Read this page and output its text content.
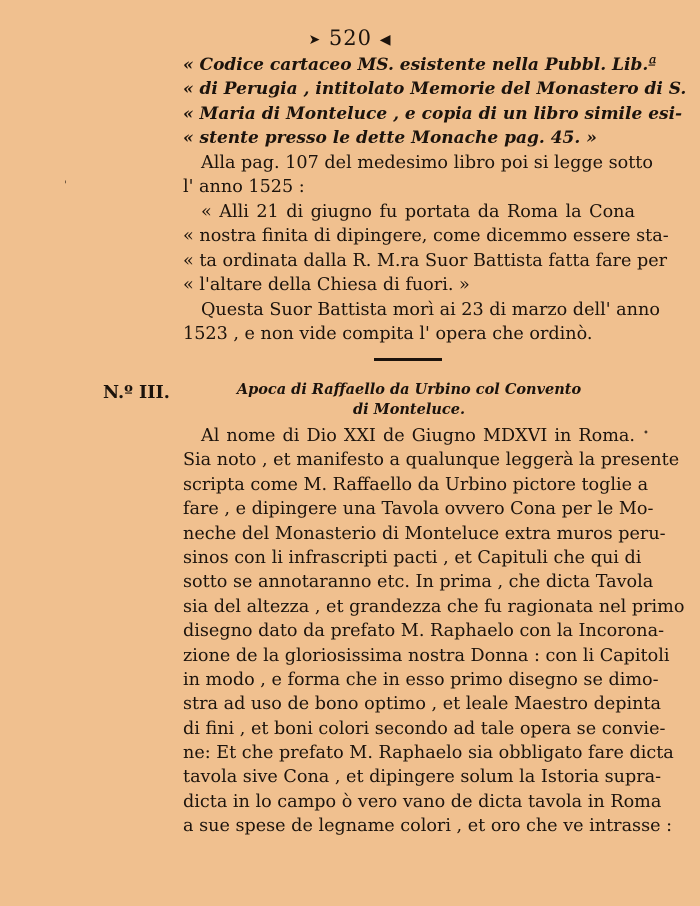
➤ 520 ◀
« Codice cartaceo MS. esistente nella Pubbl. Lib.ª
« di Perugia , intitolato Memorie del Monastero di S.
« Maria di Monteluce , e copia di un libro simile esi-
« stente presso le dette Monache pag. 45. »
Alla pag. 107 del medesimo libro poi si legge sotto
l' anno 1525 :
« Alli 21 di giugno fu portata da Roma la Cona
« nostra finita di dipingere, come dicemmo essere sta-
« ta ordinata dalla R. M.ra Suor Battista fatta fare per
« l'altare della Chiesa di fuori. »
Questa Suor Battista morì ai 23 di marzo dell' anno
1523 , e non vide compita l' opera che ordinò.
N.º III.	Apoca di Raffaello da Urbino col Convento
di Monteluce.
Al nome di Dio XXI de Giugno MDXVI in Roma.
Sia noto , et manifesto a qualunque leggerà la presente
scripta come M. Raffaello da Urbino pictore toglie a
fare , e dipingere una Tavola ovvero Cona per le Mo-
neche del Monasterio di Monteluce extra muros peru-
sinos con li infrascripti pacti , et Capituli che qui di
sotto se annotaranno etc. In prima , che dicta Tavola
sia del altezza , et grandezza che fu ragionata nel primo
disegno dato da prefato M. Raphaelo con la Incorona-
zione de la gloriosissima nostra Donna : con li Capitoli
in modo , e forma che in esso primo disegno se dimo-
stra ad uso de bono optimo , et leale Maestro depinta
di fini , et boni colori secondo ad tale opera se convie-
ne: Et che prefato M. Raphaelo sia obbligato fare dicta
tavola sive Cona , et dipingere solum la Istoria supra-
dicta in lo campo ò vero vano de dicta tavola in Roma
a sue spese de legname colori , et oro che ve intrasse :
'
•
